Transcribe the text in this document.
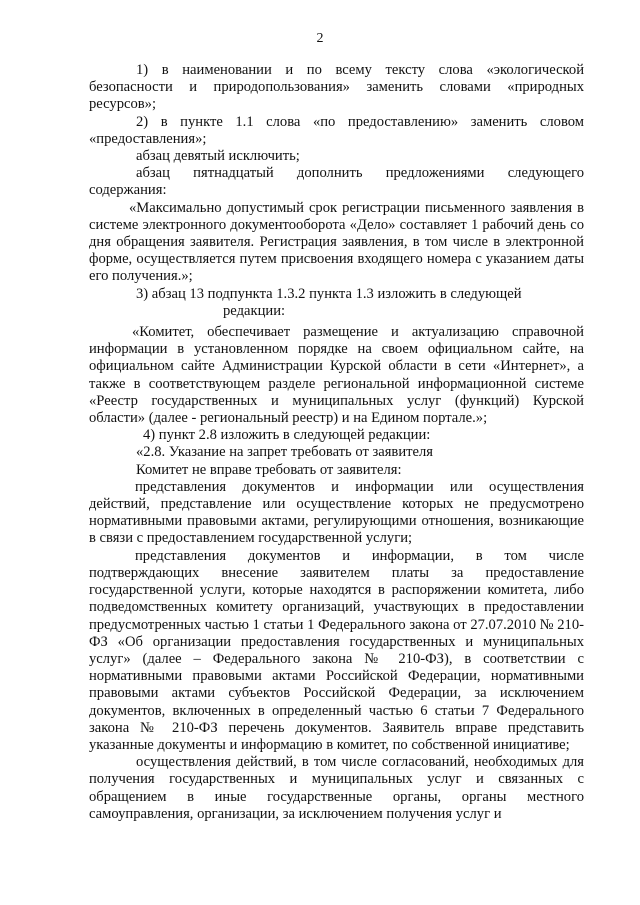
2

1) в наименовании и по всему тексту слова «экологической безопасности и природопользования» заменить словами «природных ресурсов»;

2) в пункте 1.1 слова «по предоставлению» заменить словом «предоставления»;

абзац девятый исключить;

абзац пятнадцатый дополнить предложениями следующего содержания:

«Максимально допустимый срок регистрации письменного заявления в системе электронного документооборота «Дело» составляет 1 рабочий день со дня обращения заявителя. Регистрация заявления, в том числе в электронной форме, осуществляется путем присвоения входящего номера с указанием даты его получения.»;

3) абзац 13 подпункта 1.3.2 пункта 1.3 изложить в следующей

редакции:

«Комитет, обеспечивает размещение и актуализацию справочной информации в установленном порядке на своем официальном сайте, на официальном сайте Администрации Курской области в сети «Интернет», а также в соответствующем разделе региональной информационной системе «Реестр государственных и муниципальных услуг (функций) Курской области» (далее - региональный реестр) и на Едином портале.»;

4) пункт 2.8 изложить в следующей редакции:

«2.8. Указание на запрет требовать от заявителя

Комитет не вправе требовать от заявителя:

представления документов и информации или осуществления действий, представление или осуществление которых не предусмотрено нормативными правовыми актами, регулирующими отношения, возникающие в связи с предоставлением государственной услуги;

представления документов и информации, в том числе подтверждающих внесение заявителем платы за предоставление государственной услуги, которые находятся в распоряжении комитета, либо подведомственных комитету организаций, участвующих в предоставлении предусмотренных частью 1 статьи 1 Федерального закона от 27.07.2010 № 210-ФЗ «Об организации предоставления государственных и муниципальных услуг» (далее – Федерального закона № 210-ФЗ), в соответствии с нормативными правовыми актами Российской Федерации, нормативными правовыми актами субъектов Российской Федерации, за исключением документов, включенных в определенный частью 6 статьи 7 Федерального закона № 210-ФЗ перечень документов. Заявитель вправе представить указанные документы и информацию в комитет, по собственной инициативе;

осуществления действий, в том числе согласований, необходимых для получения государственных и муниципальных услуг и связанных с обращением в иные государственные органы, органы местного самоуправления, организации, за исключением получения услуг и
